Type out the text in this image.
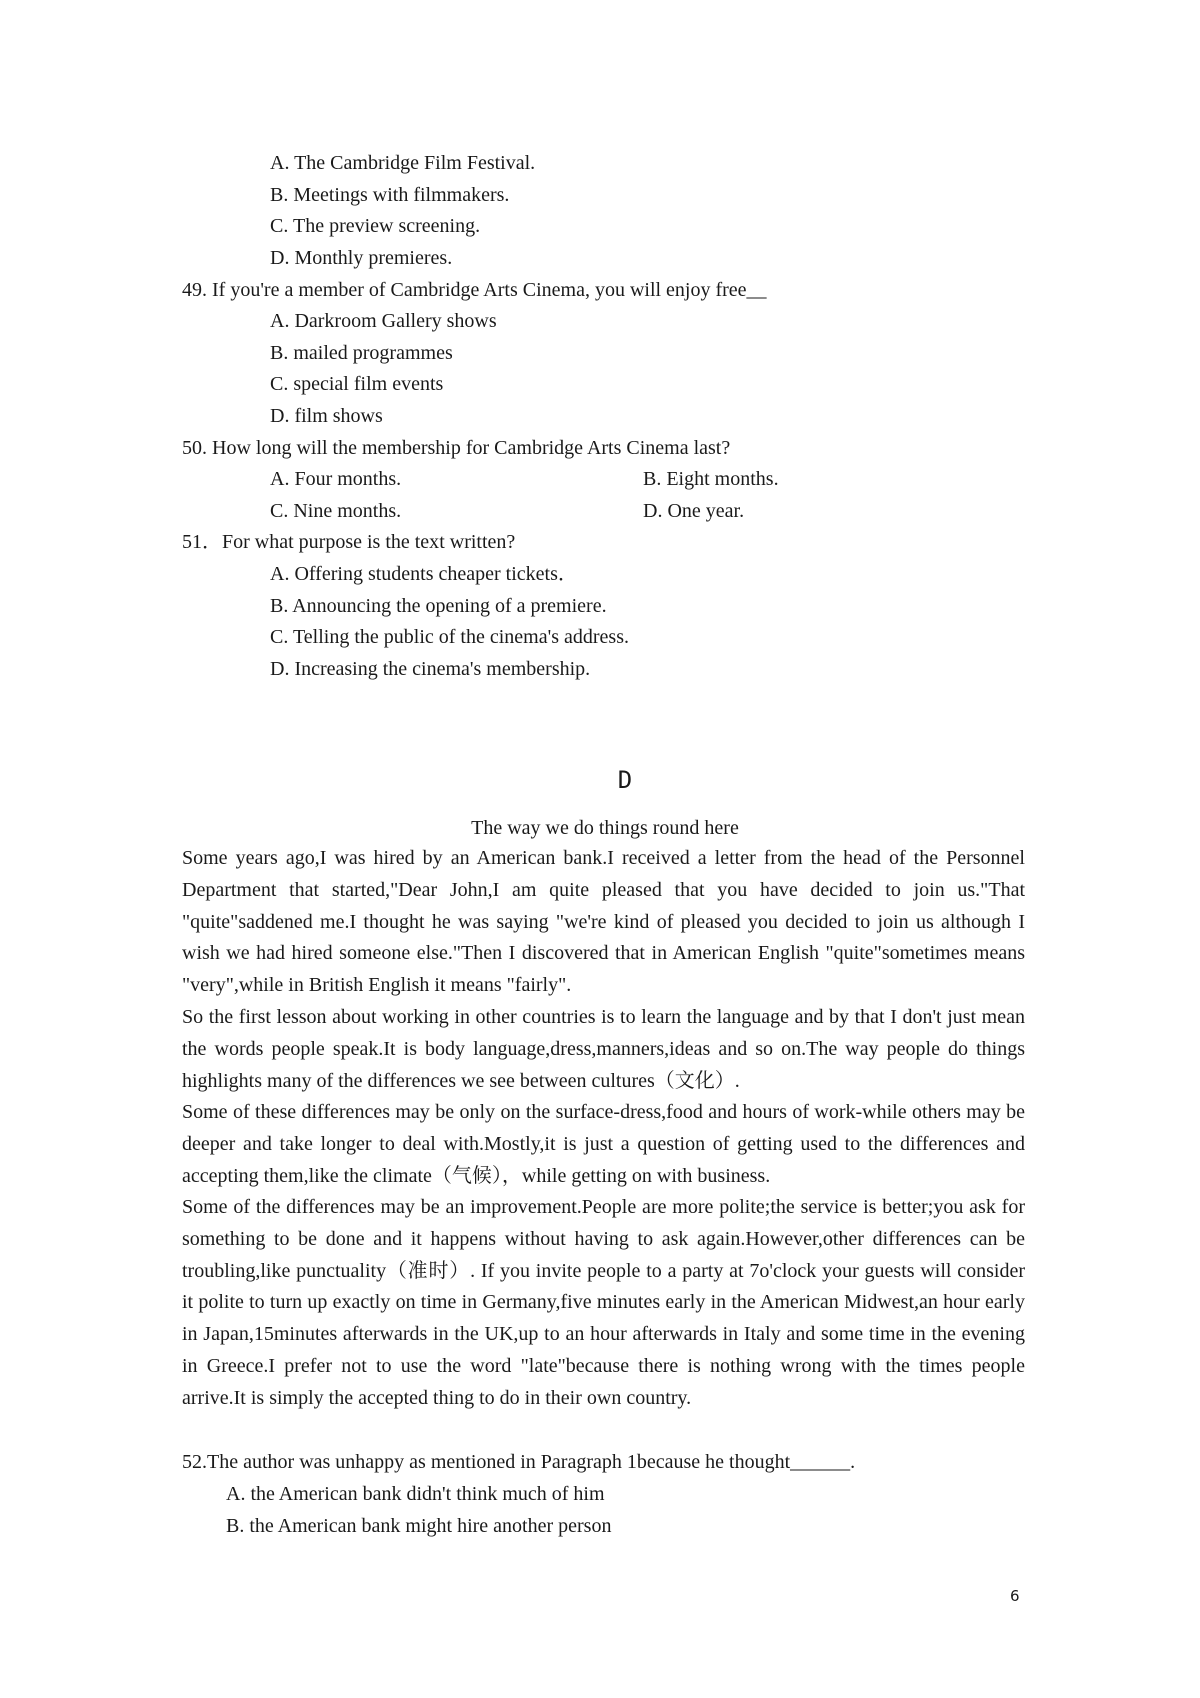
A. The Cambridge Film Festival.
B. Meetings with filmmakers.
C. The preview screening.
D. Monthly premieres.
49. If you're a member of Cambridge Arts Cinema, you will enjoy free__
A. Darkroom Gallery shows
B. mailed programmes
C. special film events
D. film shows
50. How long will the membership for Cambridge Arts Cinema last?
A. Four months.	B. Eight months.
C. Nine months.	D. One year.
51．For what purpose is the text written?
A. Offering students cheaper tickets．
B. Announcing the opening of a premiere.
C. Telling the public of the cinema's address.
D. Increasing the cinema's membership.
D
The way we do things round here
Some years ago,I was hired by an American bank.I received a letter from the head of the Personnel Department that started,"Dear John,I am quite pleased that you have decided to join us."That "quite"saddened me.I thought he was saying "we're kind of pleased you decided to join us although I wish we had hired someone else."Then I discovered that in American English "quite"sometimes means "very",while in British English it means "fairly".
So the first lesson about working in other countries is to learn the language and by that I don't just mean the words people speak.It is body language,dress,manners,ideas and so on.The way people do things highlights many of the differences we see between cultures（文化）.
Some of these differences may be only on the surface-dress,food and hours of work-while others may be deeper and take longer to deal with.Mostly,it is just a question of getting used to the differences and accepting them,like the climate（气候），while getting on with business.
Some of the differences may be an improvement.People are more polite;the service is better;you ask for something to be done and it happens without having to ask again.However,other differences can be troubling,like punctuality（准时）. If you invite people to a party at 7o'clock your guests will consider it polite to turn up exactly on time in Germany,five minutes early in the American Midwest,an hour early in Japan,15minutes afterwards in the UK,up to an hour afterwards in Italy and some time in the evening in Greece.I prefer not to use the word "late"because there is nothing wrong with the times people arrive.It is simply the accepted thing to do in their own country.
52.The author was unhappy as mentioned in Paragraph 1because he thought______.
A. the American bank didn't think much of him
B. the American bank might hire another person
6
